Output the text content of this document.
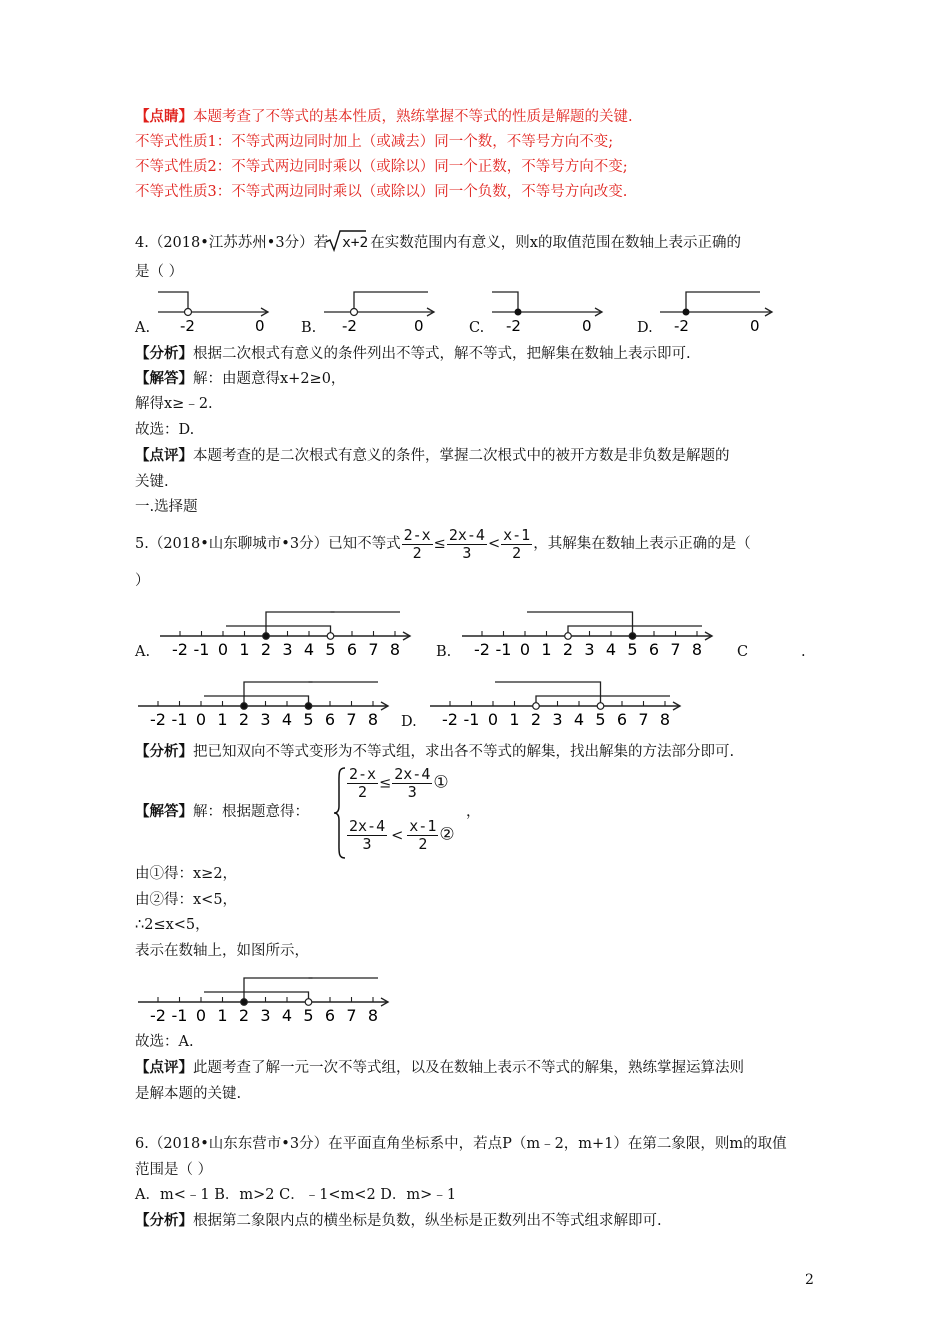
【点睛】本题考查了不等式的基本性质，熟练掌握不等式的性质是解题的关键.
不等式性质1：不等式两边同时加上（或减去）同一个数，不等号方向不变;
不等式性质2：不等式两边同时乘以（或除以）同一个正数，不等号方向不变;
不等式性质3：不等式两边同时乘以（或除以）同一个负数，不等号方向改变.
4.（2018•江苏苏州•3分）若 x+2 在实数范围内有意义，则x的取值范围在数轴上表示正确的
是（ ）
A. -2	0	B. -2	0	C. -2	0	D. -2	0
【分析】根据二次根式有意义的条件列出不等式，解不等式，把解集在数轴上表示即可.
【解答】解：由题意得x+2≥0，
解得x≥﹣2.
故选：D.
【点评】本题考查的是二次根式有意义的条件，掌握二次根式中的被开方数是非负数是解题的
关键.
一.选择题
5.（2018•山东聊城市•3分）已知不等式 $\frac{2-x}{2} \le \frac{2x-4}{3} < \frac{x-1}{2}$ ，其解集在数轴上表示正确的是（
）
A.	B.	C	.
D.
-2 -1 0 1 2 3 4 5 6 7 8	-2 -1 0 1 2 3 4 5 6 7 8
-2 -1 0 1 2 3 4 5 6 7 8	-2 -1 0 1 2 3 4 5 6 7 8
【分析】把已知双向不等式变形为不等式组，求出各不等式的解集，找出解集的方法部分即可.
【解答】解：根据题意得：
$\frac{2-x}{2} \le \frac{2x-4}{3}$ ①
，
$\frac{2x-4}{3} < \frac{x-1}{2}$ ②
由①得：x≥2，
由②得：x<5，
∴2≤x<5，
表示在数轴上，如图所示，
-2 -1 0 1 2 3 4 5 6 7 8
故选：A.
【点评】此题考查了解一元一次不等式组，以及在数轴上表示不等式的解集，熟练掌握运算法则
是解本题的关键.
6.（2018•山东东营市•3分）在平面直角坐标系中，若点P（m﹣2，m+1）在第二象限，则m的取值
范围是（ ）
A．m<﹣1 B．m>2 C．﹣1<m<2 D．m>﹣1
【分析】根据第二象限内点的横坐标是负数，纵坐标是正数列出不等式组求解即可.
2
